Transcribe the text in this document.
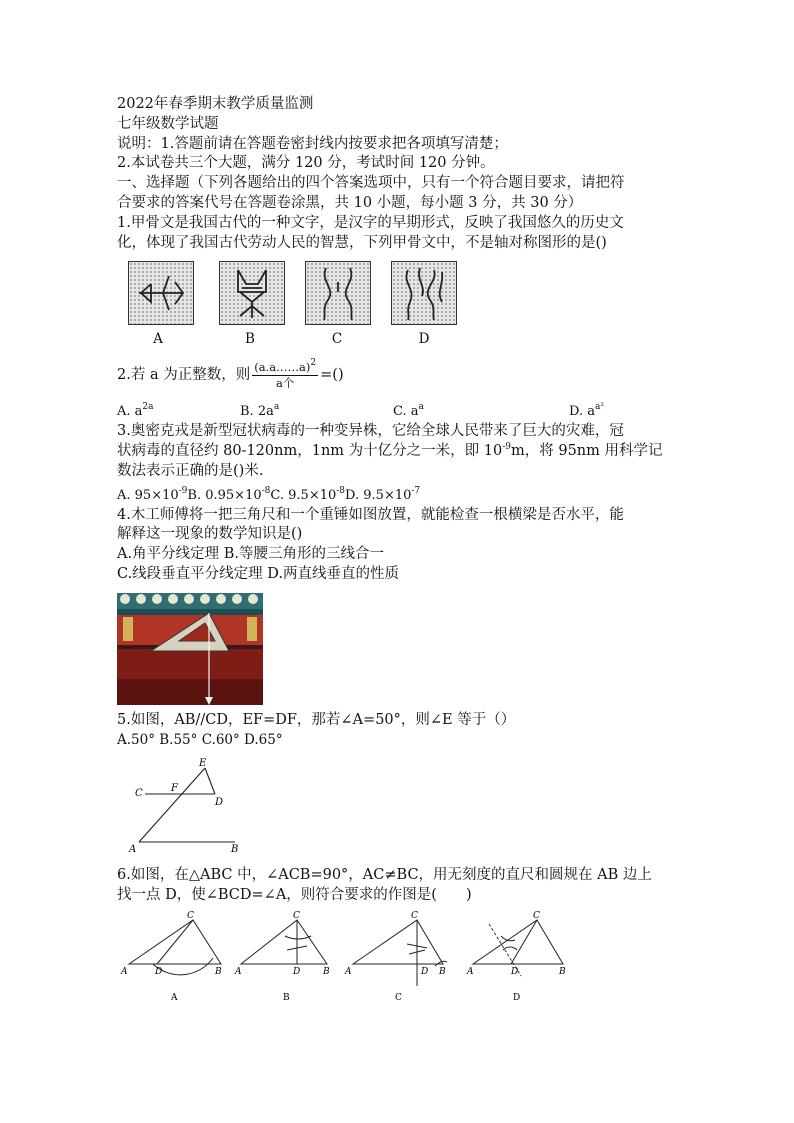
2022年春季期末教学质量监测
七年级数学试题
说明：1.答题前请在答题卷密封线内按要求把各项填写清楚；
2.本试卷共三个大题，满分 120 分，考试时间 120 分钟。
一、选择题（下列各题给出的四个答案选项中，只有一个符合题目要求，请把符
合要求的答案代号在答题卷涂黑，共 10 小题，每小题 3 分，共 30 分）
1.甲骨文是我国古代的一种文字，是汉字的早期形式，反映了我国悠久的历史文
化，体现了我国古代劳动人民的智慧，下列甲骨文中，不是轴对称图形的是()
A	B	C	D
2.若 a 为正整数，则 $\frac{(a.a\dots\dots a)^2}{\text{a个}}$ =()
A. $a^{2a}$	B. $2a^a$	C. $a^a$	D. $a^{a^2}$
3.奥密克戎是新型冠状病毒的一种变异株，它给全球人民带来了巨大的灾难，冠
状病毒的直径约 80-120nm，1nm 为十亿分之一米，即 $10^{-9}m$，将 95nm 用科学记
数法表示正确的是()米.
A. $95\times 10^{-9}B$. $0.95\times 10^{-8}C$. $9.5\times 10^{-8}D$. $9.5\times 10^{-7}$
4.木工师傅将一把三角尺和一个重锤如图放置，就能检查一根横梁是否水平，能
解释这一现象的数学知识是()
A.角平分线定理 B.等腰三角形的三线合一
C.线段垂直平分线定理 D.两直线垂直的性质
5.如图，AB//CD，EF=DF，那若∠A=50°，则∠E 等于（）
A.50° B.55° C.60° D.65°
E
C	F
D
A	B
6.如图，在△ABC 中，∠ACB=90°，AC≠BC，用无刻度的直尺和圆规在 AB 边上
找一点 D，使∠BCD=∠A，则符合要求的作图是(　　)
C
A	D	B
A
C
A	D	B
B
C
A	D B
C
C
A	D	B
D
